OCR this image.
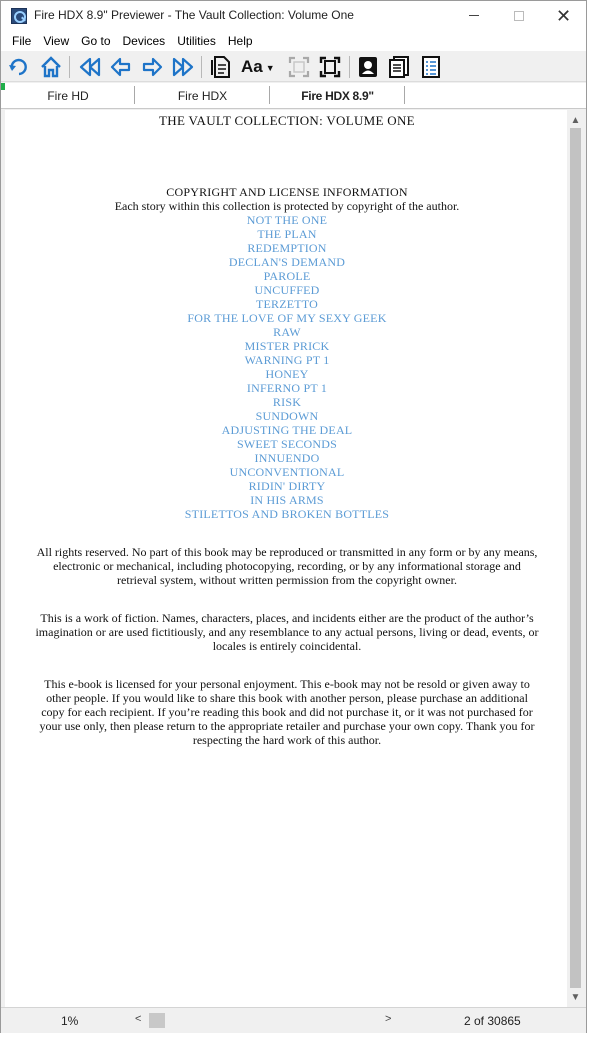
Fire HDX 8.9" Previewer - The Vault Collection: Volume One	✕
File	View	Go to	Devices	Utilities	Help
Aa ▼
Fire HD	Fire HDX	Fire HDX 8.9"
THE VAULT COLLECTION: VOLUME ONE
COPYRIGHT AND LICENSE INFORMATION
Each story within this collection is protected by copyright of the author.
NOT THE ONE
THE PLAN
REDEMPTION
DECLAN'S DEMAND
PAROLE
UNCUFFED
TERZETTO
FOR THE LOVE OF MY SEXY GEEK
RAW
MISTER PRICK
WARNING PT 1
HONEY
INFERNO PT 1
RISK
SUNDOWN
ADJUSTING THE DEAL
SWEET SECONDS
INNUENDO
UNCONVENTIONAL
RIDIN' DIRTY
IN HIS ARMS
STILETTOS AND BROKEN BOTTLES

All rights reserved. No part of this book may be reproduced or transmitted in any form or by any means, electronic or mechanical, including photocopying, recording, or by any informational storage and retrieval system, without written permission from the copyright owner.

This is a work of fiction. Names, characters, places, and incidents either are the product of the author’s imagination or are used fictitiously, and any resemblance to any actual persons, living or dead, events, or locales is entirely coincidental.

This e-book is licensed for your personal enjoyment. This e-book may not be resold or given away to other people. If you would like to share this book with another person, please purchase an additional copy for each recipient. If you’re reading this book and did not purchase it, or it was not purchased for your use only, then please return to the appropriate retailer and purchase your own copy. Thank you for respecting the hard work of this author.

▲
▼
1%	<	>	2 of 30865
